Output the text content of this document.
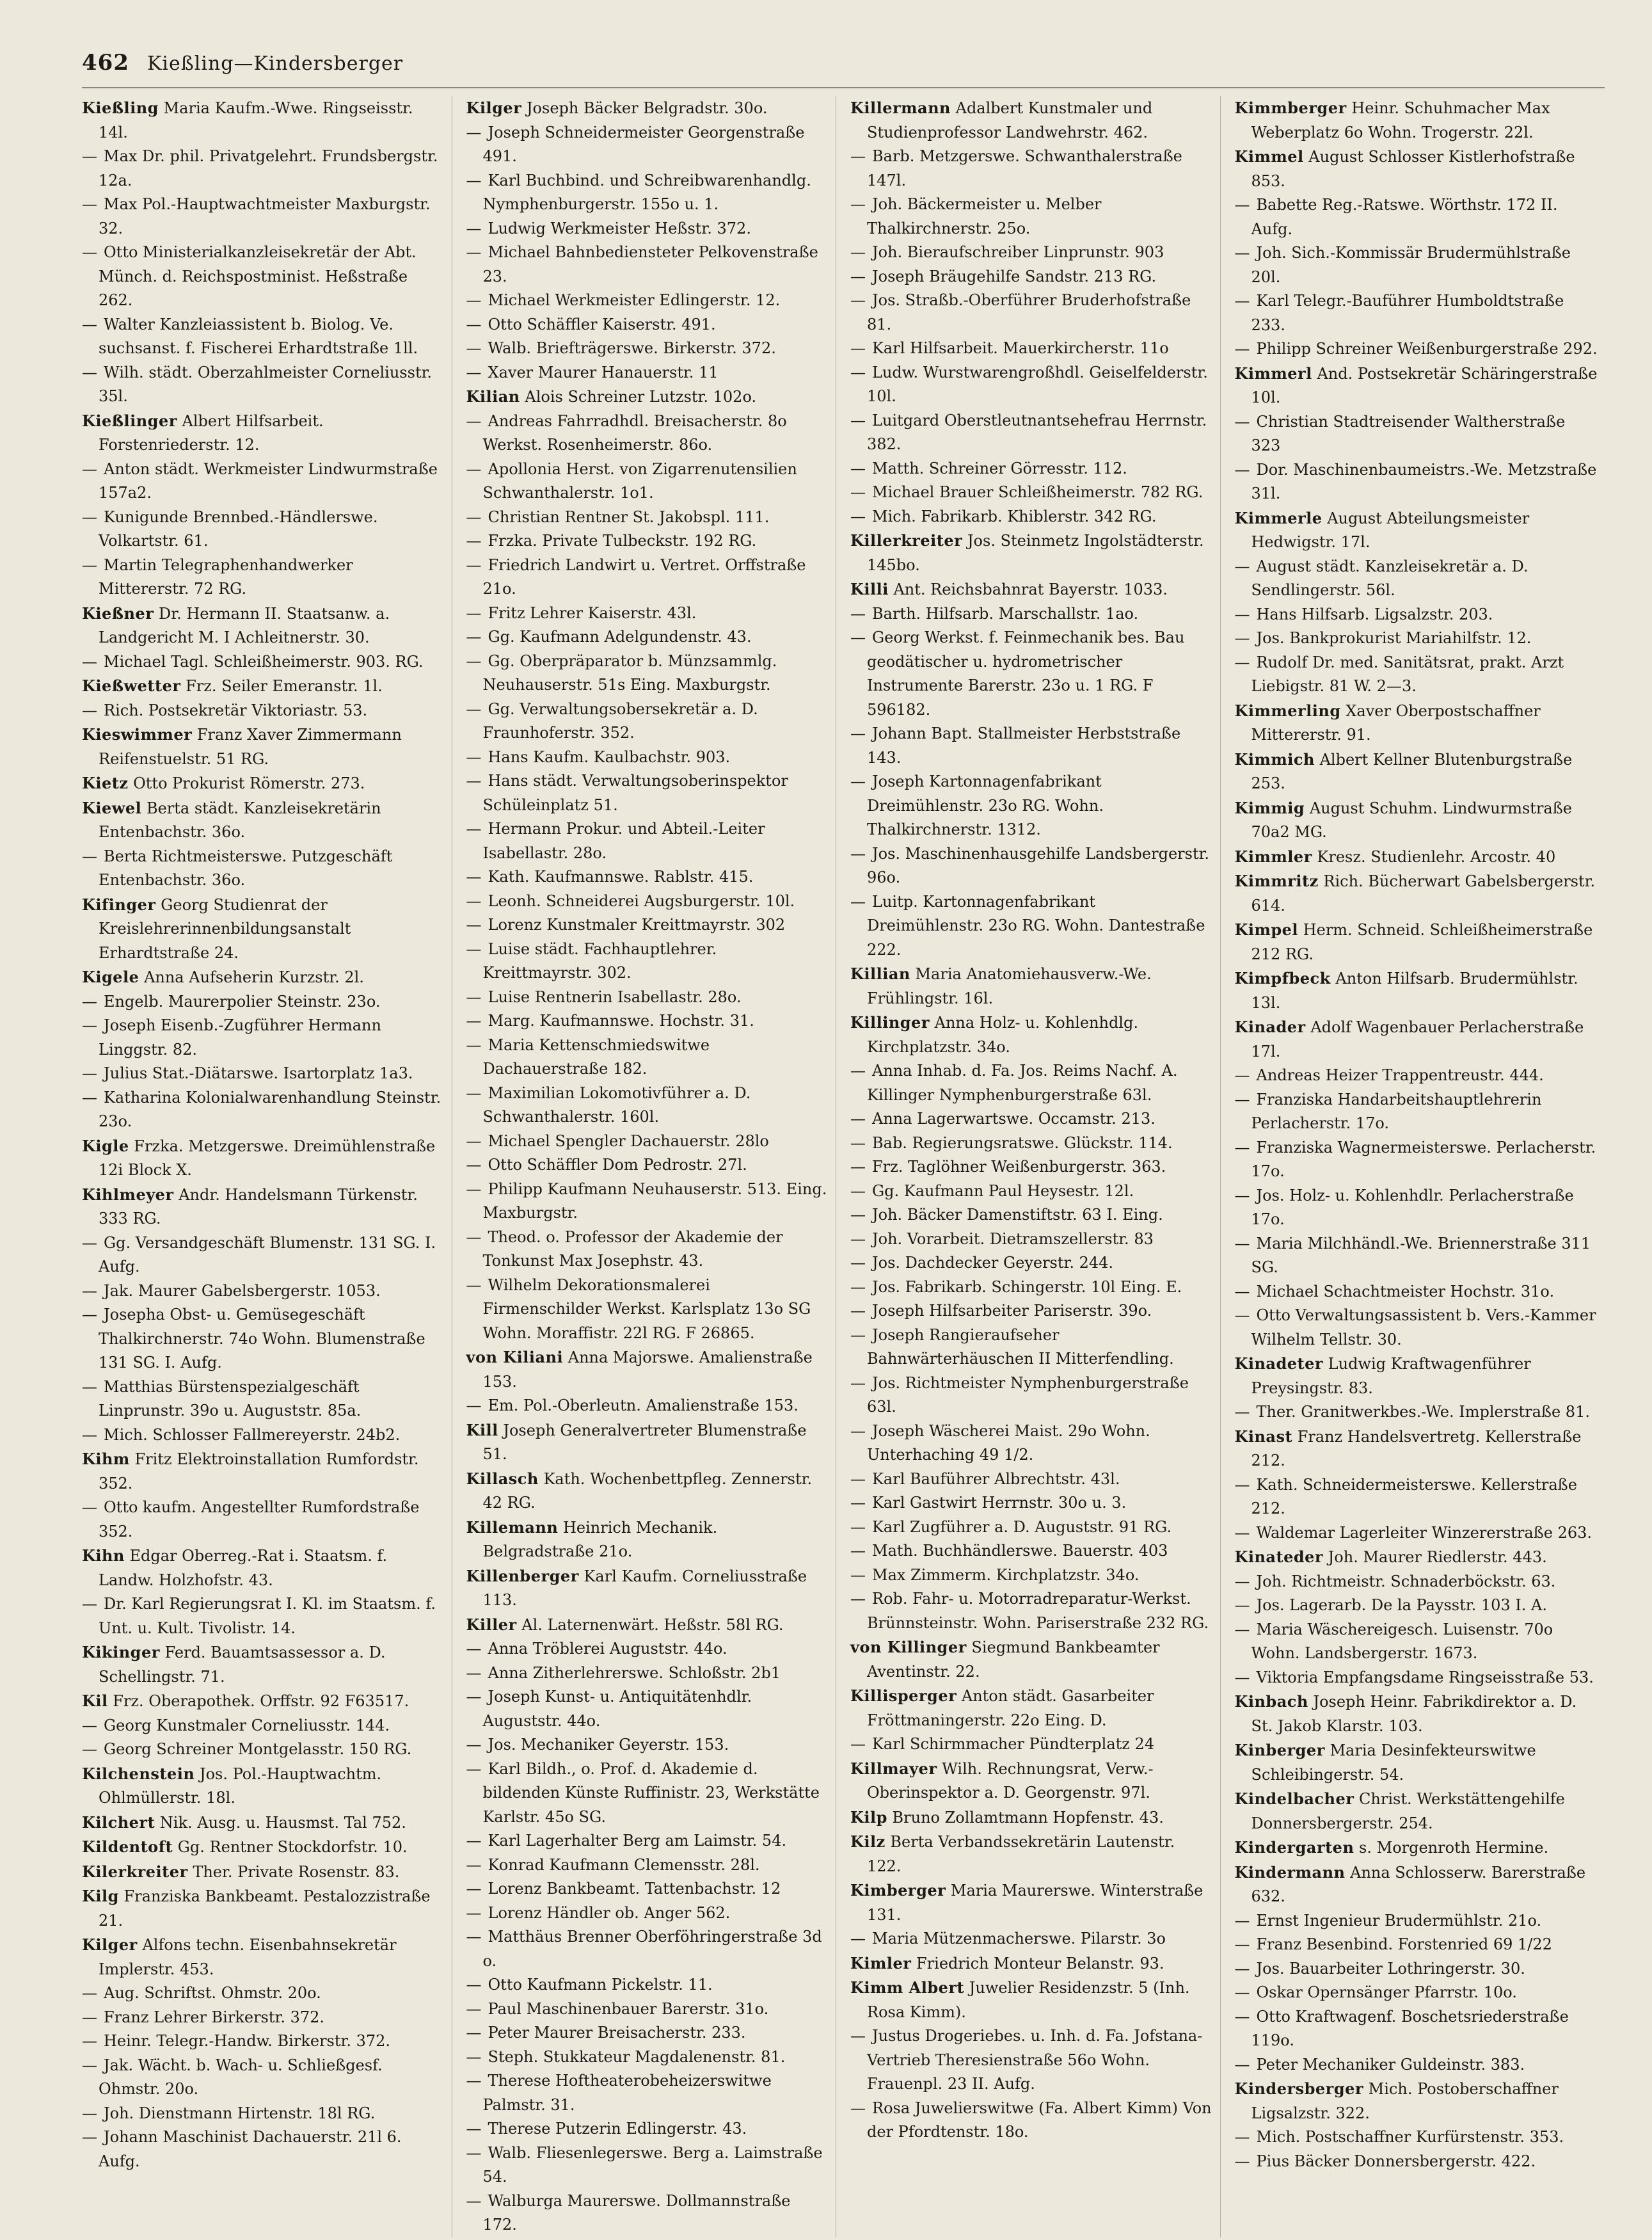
462 Kießling—Kindersberger

Kießling Maria Kaufm.-Wwe. Ringseisstr. 14l.

— Max Dr. phil. Privatgelehrt. Frundsbergstr. 12a.

— Max Pol.-Hauptwachtmeister Maxburgstr. 32.

— Otto Ministerialkanzleisekretär der Abt. Münch. d. Reichspostminist. Heßstraße 262.

— Walter Kanzleiassistent b. Biolog. Ve. suchsanst. f. Fischerei Erhardtstraße 1ll.

— Wilh. städt. Oberzahlmeister Corneliusstr. 35l.

Kießlinger Albert Hilfsarbeit. Forstenriederstr. 12.

— Anton städt. Werkmeister Lindwurmstraße 157a2.

— Kunigunde Brennbed.-Händlerswe. Volkartstr. 61.

— Martin Telegraphenhandwerker Mittererstr. 72 RG.

Kießner Dr. Hermann II. Staatsanw. a. Landgericht M. I Achleitnerstr. 30.

— Michael Tagl. Schleißheimerstr. 903. RG.

Kießwetter Frz. Seiler Emeranstr. 1l.

— Rich. Postsekretär Viktoriastr. 53.

Kieswimmer Franz Xaver Zimmermann Reifenstuelstr. 51 RG.

Kietz Otto Prokurist Römerstr. 273.

Kiewel Berta städt. Kanzleisekretärin Entenbachstr. 36o.

— Berta Richtmeisterswe. Putzgeschäft Entenbachstr. 36o.

Kifinger Georg Studienrat der Kreislehrerinnenbildungsanstalt Erhardtstraße 24.

Kigele Anna Aufseherin Kurzstr. 2l.

— Engelb. Maurerpolier Steinstr. 23o.

— Joseph Eisenb.-Zugführer Hermann Linggstr. 82.

— Julius Stat.-Diätarswe. Isartorplatz 1a3.

— Katharina Kolonialwarenhandlung Steinstr. 23o.

Kigle Frzka. Metzgerswe. Dreimühlenstraße 12i Block X.

Kihlmeyer Andr. Handelsmann Türkenstr. 333 RG.

— Gg. Versandgeschäft Blumenstr. 131 SG. I. Aufg.

— Jak. Maurer Gabelsbergerstr. 1053.

— Josepha Obst- u. Gemüsegeschäft Thalkirchnerstr. 74o Wohn. Blumenstraße 131 SG. I. Aufg.

— Matthias Bürstenspezialgeschäft Linprunstr. 39o u. Auguststr. 85a.

— Mich. Schlosser Fallmereyerstr. 24b2.

Kihm Fritz Elektroinstallation Rumfordstr. 352.

— Otto kaufm. Angestellter Rumfordstraße 352.

Kihn Edgar Oberreg.-Rat i. Staatsm. f. Landw. Holzhofstr. 43.

— Dr. Karl Regierungsrat I. Kl. im Staatsm. f. Unt. u. Kult. Tivolistr. 14.

Kikinger Ferd. Bauamtsassessor a. D. Schellingstr. 71.

Kil Frz. Oberapothek. Orffstr. 92 F63517.

— Georg Kunstmaler Corneliusstr. 144.

— Georg Schreiner Montgelasstr. 150 RG.

Kilchenstein Jos. Pol.-Hauptwachtm. Ohlmüllerstr. 18l.

Kilchert Nik. Ausg. u. Hausmst. Tal 752.

Kildentoft Gg. Rentner Stockdorfstr. 10.

Kilerkreiter Ther. Private Rosenstr. 83.

Kilg Franziska Bankbeamt. Pestalozzistraße 21.

Kilger Alfons techn. Eisenbahnsekretär Implerstr. 453.

— Aug. Schriftst. Ohmstr. 20o.

— Franz Lehrer Birkerstr. 372.

— Heinr. Telegr.-Handw. Birkerstr. 372.

— Jak. Wächt. b. Wach- u. Schließgesf. Ohmstr. 20o.

— Joh. Dienstmann Hirtenstr. 18l RG.

— Johann Maschinist Dachauerstr. 21l 6. Aufg.

Kilger Joseph Bäcker Belgradstr. 30o.

— Joseph Schneidermeister Georgenstraße 491.

— Karl Buchbind. und Schreibwarenhandlg. Nymphenburgerstr. 155o u. 1.

— Ludwig Werkmeister Heßstr. 372.

— Michael Bahnbediensteter Pelkovenstraße 23.

— Michael Werkmeister Edlingerstr. 12.

— Otto Schäffler Kaiserstr. 491.

— Walb. Briefträgerswe. Birkerstr. 372.

— Xaver Maurer Hanauerstr. 11

Kilian Alois Schreiner Lutzstr. 102o.

— Andreas Fahrradhdl. Breisacherstr. 8o Werkst. Rosenheimerstr. 86o.

— Apollonia Herst. von Zigarrenutensilien Schwanthalerstr. 1o1.

— Christian Rentner St. Jakobspl. 111.

— Frzka. Private Tulbeckstr. 192 RG.

— Friedrich Landwirt u. Vertret. Orffstraße 21o.

— Fritz Lehrer Kaiserstr. 43l.

— Gg. Kaufmann Adelgundenstr. 43.

— Gg. Oberpräparator b. Münzsammlg. Neuhauserstr. 51s Eing. Maxburgstr.

— Gg. Verwaltungsobersekretär a. D. Fraunhoferstr. 352.

— Hans Kaufm. Kaulbachstr. 903.

— Hans städt. Verwaltungsoberinspektor Schüleinplatz 51.

— Hermann Prokur. und Abteil.-Leiter Isabellastr. 28o.

— Kath. Kaufmannswe. Rablstr. 415.

— Leonh. Schneiderei Augsburgerstr. 10l.

— Lorenz Kunstmaler Kreittmayrstr. 302

— Luise städt. Fachhauptlehrer. Kreittmayrstr. 302.

— Luise Rentnerin Isabellastr. 28o.

— Marg. Kaufmannswe. Hochstr. 31.

— Maria Kettenschmiedswitwe Dachauerstraße 182.

— Maximilian Lokomotivführer a. D. Schwanthalerstr. 160l.

— Michael Spengler Dachauerstr. 28lo

— Otto Schäffler Dom Pedrostr. 27l.

— Philipp Kaufmann Neuhauserstr. 513. Eing. Maxburgstr.

— Theod. o. Professor der Akademie der Tonkunst Max Josephstr. 43.

— Wilhelm Dekorationsmalerei Firmenschilder Werkst. Karlsplatz 13o SG Wohn. Moraffistr. 22l RG. F 26865.

von Kiliani Anna Majorswe. Amalienstraße 153.

— Em. Pol.-Oberleutn. Amalienstraße 153.

Kill Joseph Generalvertreter Blumenstraße 51.

Killasch Kath. Wochenbettpfleg. Zennerstr. 42 RG.

Killemann Heinrich Mechanik. Belgradstraße 21o.

Killenberger Karl Kaufm. Corneliusstraße 113.

Killer Al. Laternenwärt. Heßstr. 58l RG.

— Anna Tröblerei Auguststr. 44o.

— Anna Zitherlehrerswe. Schloßstr. 2b1

— Joseph Kunst- u. Antiquitätenhdlr. Auguststr. 44o.

— Jos. Mechaniker Geyerstr. 153.

— Karl Bildh., o. Prof. d. Akademie d. bildenden Künste Ruffinistr. 23, Werkstätte Karlstr. 45o SG.

— Karl Lagerhalter Berg am Laimstr. 54.

— Konrad Kaufmann Clemensstr. 28l.

— Lorenz Bankbeamt. Tattenbachstr. 12

— Lorenz Händler ob. Anger 562.

— Matthäus Brenner Oberföhringerstraße 3d o.

— Otto Kaufmann Pickelstr. 11.

— Paul Maschinenbauer Barerstr. 31o.

— Peter Maurer Breisacherstr. 233.

— Steph. Stukkateur Magdalenenstr. 81.

— Therese Hoftheaterobeheizerswitwe Palmstr. 31.

— Therese Putzerin Edlingerstr. 43.

— Walb. Fliesenlegerswe. Berg a. Laimstraße 54.

— Walburga Maurerswe. Dollmannstraße 172.

Killermann Adalbert Kunstmaler und Studienprofessor Landwehrstr. 462.

— Barb. Metzgerswe. Schwanthalerstraße 147l.

— Joh. Bäckermeister u. Melber Thalkirchnerstr. 25o.

— Joh. Bieraufschreiber Linprunstr. 903

— Joseph Bräugehilfe Sandstr. 213 RG.

— Jos. Straßb.-Oberführer Bruderhofstraße 81.

— Karl Hilfsarbeit. Mauerkircherstr. 11o

— Ludw. Wurstwarengroßhdl. Geiselfelderstr. 10l.

— Luitgard Oberstleutnantsehefrau Herrnstr. 382.

— Matth. Schreiner Görresstr. 112.

— Michael Brauer Schleißheimerstr. 782 RG.

— Mich. Fabrikarb. Khiblerstr. 342 RG.

Killerkreiter Jos. Steinmetz Ingolstädterstr. 145bo.

Killi Ant. Reichsbahnrat Bayerstr. 1033.

— Barth. Hilfsarb. Marschallstr. 1ao.

— Georg Werkst. f. Feinmechanik bes. Bau geodätischer u. hydrometrischer Instrumente Barerstr. 23o u. 1 RG. F 596182.

— Johann Bapt. Stallmeister Herbststraße 143.

— Joseph Kartonnagenfabrikant Dreimühlenstr. 23o RG. Wohn. Thalkirchnerstr. 1312.

— Jos. Maschinenhausgehilfe Landsbergerstr. 96o.

— Luitp. Kartonnagenfabrikant Dreimühlenstr. 23o RG. Wohn. Dantestraße 222.

Killian Maria Anatomiehausverw.-We. Frühlingstr. 16l.

Killinger Anna Holz- u. Kohlenhdlg. Kirchplatzstr. 34o.

— Anna Inhab. d. Fa. Jos. Reims Nachf. A. Killinger Nymphenburgerstraße 63l.

— Anna Lagerwartswe. Occamstr. 213.

— Bab. Regierungsratswe. Glückstr. 114.

— Frz. Taglöhner Weißenburgerstr. 363.

— Gg. Kaufmann Paul Heysestr. 12l.

— Joh. Bäcker Damenstiftstr. 63 I. Eing.

— Joh. Vorarbeit. Dietramszellerstr. 83

— Jos. Dachdecker Geyerstr. 244.

— Jos. Fabrikarb. Schingerstr. 10l Eing. E.

— Joseph Hilfsarbeiter Pariserstr. 39o.

— Joseph Rangieraufseher Bahnwärterhäuschen II Mitterfendling.

— Jos. Richtmeister Nymphenburgerstraße 63l.

— Joseph Wäscherei Maist. 29o Wohn. Unterhaching 49 1/2.

— Karl Bauführer Albrechtstr. 43l.

— Karl Gastwirt Herrnstr. 30o u. 3.

— Karl Zugführer a. D. Auguststr. 91 RG.

— Math. Buchhändlerswe. Bauerstr. 403

— Max Zimmerm. Kirchplatzstr. 34o.

— Rob. Fahr- u. Motorradreparatur-Werkst. Brünnsteinstr. Wohn. Pariserstraße 232 RG.

von Killinger Siegmund Bankbeamter Aventinstr. 22.

Killisperger Anton städt. Gasarbeiter Fröttmaningerstr. 22o Eing. D.

— Karl Schirmmacher Pündterplatz 24

Killmayer Wilh. Rechnungsrat, Verw.-Oberinspektor a. D. Georgenstr. 97l.

Kilp Bruno Zollamtmann Hopfenstr. 43.

Kilz Berta Verbandssekretärin Lautenstr. 122.

Kimberger Maria Maurerswe. Winterstraße 131.

— Maria Mützenmacherswe. Pilarstr. 3o

Kimler Friedrich Monteur Belanstr. 93.

Kimm Albert Juwelier Residenzstr. 5 (Inh. Rosa Kimm).

— Justus Drogeriebes. u. Inh. d. Fa. Jofstana-Vertrieb Theresienstraße 56o Wohn. Frauenpl. 23 II. Aufg.

— Rosa Juwelierswitwe (Fa. Albert Kimm) Von der Pfordtenstr. 18o.

Kimmberger Heinr. Schuhmacher Max Weberplatz 6o Wohn. Trogerstr. 22l.

Kimmel August Schlosser Kistlerhofstraße 853.

— Babette Reg.-Ratswe. Wörthstr. 172 II. Aufg.

— Joh. Sich.-Kommissär Brudermühlstraße 20l.

— Karl Telegr.-Bauführer Humboldtstraße 233.

— Philipp Schreiner Weißenburgerstraße 292.

Kimmerl And. Postsekretär Schäringerstraße 10l.

— Christian Stadtreisender Waltherstraße 323

— Dor. Maschinenbaumeistrs.-We. Metzstraße 31l.

Kimmerle August Abteilungsmeister Hedwigstr. 17l.

— August städt. Kanzleisekretär a. D. Sendlingerstr. 56l.

— Hans Hilfsarb. Ligsalzstr. 203.

— Jos. Bankprokurist Mariahilfstr. 12.

— Rudolf Dr. med. Sanitätsrat, prakt. Arzt Liebigstr. 81 W. 2—3.

Kimmerling Xaver Oberpostschaffner Mittererstr. 91.

Kimmich Albert Kellner Blutenburgstraße 253.

Kimmig August Schuhm. Lindwurmstraße 70a2 MG.

Kimmler Kresz. Studienlehr. Arcostr. 40

Kimmritz Rich. Bücherwart Gabelsbergerstr. 614.

Kimpel Herm. Schneid. Schleißheimerstraße 212 RG.

Kimpfbeck Anton Hilfsarb. Brudermühlstr. 13l.

Kinader Adolf Wagenbauer Perlacherstraße 17l.

— Andreas Heizer Trappentreustr. 444.

— Franziska Handarbeitshauptlehrerin Perlacherstr. 17o.

— Franziska Wagnermeisterswe. Perlacherstr. 17o.

— Jos. Holz- u. Kohlenhdlr. Perlacherstraße 17o.

— Maria Milchhändl.-We. Briennerstraße 311 SG.

— Michael Schachtmeister Hochstr. 31o.

— Otto Verwaltungsassistent b. Vers.-Kammer Wilhelm Tellstr. 30.

Kinadeter Ludwig Kraftwagenführer Preysingstr. 83.

— Ther. Granitwerkbes.-We. Implerstraße 81.

Kinast Franz Handelsvertretg. Kellerstraße 212.

— Kath. Schneidermeisterswe. Kellerstraße 212.

— Waldemar Lagerleiter Winzererstraße 263.

Kinateder Joh. Maurer Riedlerstr. 443.

— Joh. Richtmeistr. Schnaderböckstr. 63.

— Jos. Lagerarb. De la Paysstr. 103 I. A.

— Maria Wäschereigesch. Luisenstr. 70o Wohn. Landsbergerstr. 1673.

— Viktoria Empfangsdame Ringseisstraße 53.

Kinbach Joseph Heinr. Fabrikdirektor a. D. St. Jakob Klarstr. 103.

Kinberger Maria Desinfekteurswitwe Schleibingerstr. 54.

Kindelbacher Christ. Werkstättengehilfe Donnersbergerstr. 254.

Kindergarten s. Morgenroth Hermine.

Kindermann Anna Schlosserw. Barerstraße 632.

— Ernst Ingenieur Brudermühlstr. 21o.

— Franz Besenbind. Forstenried 69 1/22

— Jos. Bauarbeiter Lothringerstr. 30.

— Oskar Opernsänger Pfarrstr. 10o.

— Otto Kraftwagenf. Boschetsriederstraße 119o.

— Peter Mechaniker Guldeinstr. 383.

Kindersberger Mich. Postoberschaffner Ligsalzstr. 322.

— Mich. Postschaffner Kurfürstenstr. 353.

— Pius Bäcker Donnersbergerstr. 422.
